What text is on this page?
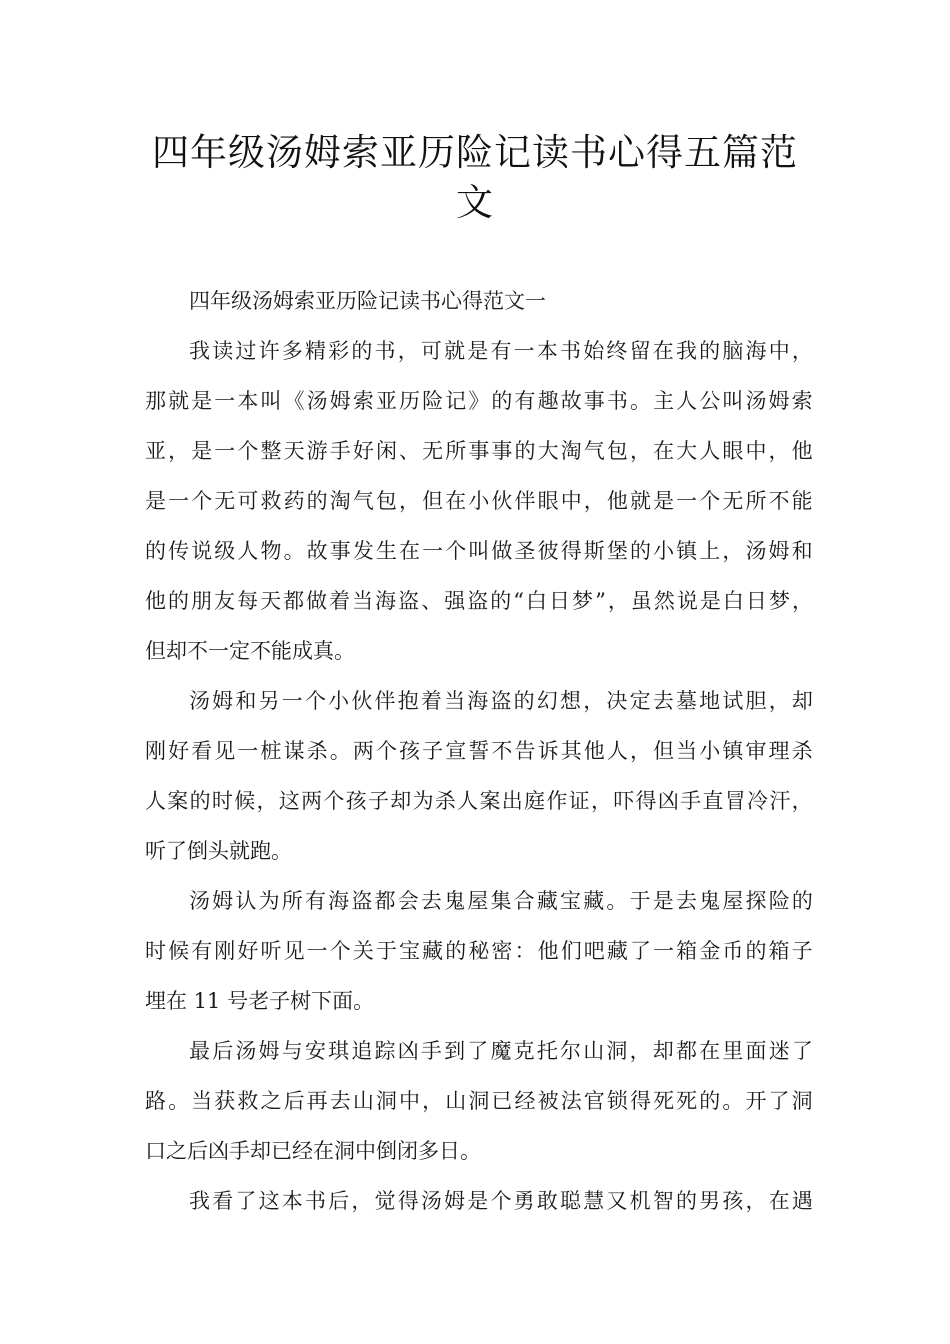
四年级汤姆索亚历险记读书心得五篇范
文
四年级汤姆索亚历险记读书心得范文一
我 读 过 许 多 精 彩 的 书 ， 可 就 是 有 一 本 书 始 终 留 在 我 的 脑 海 中 ，
那 就 是 一 本 叫 《 汤 姆 索 亚 历 险 记 》 的 有 趣 故 事 书 。 主 人 公 叫 汤 姆 索
亚 ， 是 一 个 整 天 游 手 好 闲 、 无 所 事 事 的 大 淘 气 包 ， 在 大 人 眼 中 ， 他
是 一 个 无 可 救 药 的 淘 气 包 ， 但 在 小 伙 伴 眼 中 ， 他 就 是 一 个 无 所 不 能
的 传 说 级 人 物 。 故 事 发 生 在 一 个 叫 做 圣 彼 得 斯 堡 的 小 镇 上 ， 汤 姆 和
他 的 朋 友 每 天 都 做 着 当 海 盗 、 强 盗 的 “ 白 日 梦 ” ， 虽 然 说 是 白 日 梦 ，
但却不一定不能成真。
汤 姆 和 另 一 个 小 伙 伴 抱 着 当 海 盗 的 幻 想 ， 决 定 去 墓 地 试 胆 ， 却
刚 好 看 见 一 桩 谋 杀 。 两 个 孩 子 宣 誓 不 告 诉 其 他 人 ， 但 当 小 镇 审 理 杀
人 案 的 时 候 ， 这 两 个 孩 子 却 为 杀 人 案 出 庭 作 证 ， 吓 得 凶 手 直 冒 冷 汗 ，
听了倒头就跑。
汤 姆 认 为 所 有 海 盗 都 会 去 鬼 屋 集 合 藏 宝 藏 。 于 是 去 鬼 屋 探 险 的
时 候 有 刚 好 听 见 一 个 关 于 宝 藏 的 秘 密 ： 他 们 吧 藏 了 一 箱 金 币 的 箱 子
埋在 11 号老子树下面。
最 后 汤 姆 与 安 琪 追 踪 凶 手 到 了 魔 克 托 尔 山 洞 ， 却 都 在 里 面 迷 了
路 。 当 获 救 之 后 再 去 山 洞 中 ， 山 洞 已 经 被 法 官 锁 得 死 死 的 。 开 了 洞
口之后凶手却已经在洞中倒闭多日。
我 看 了 这 本 书 后 ， 觉 得 汤 姆 是 个 勇 敢 聪 慧 又 机 智 的 男 孩 ， 在 遇
